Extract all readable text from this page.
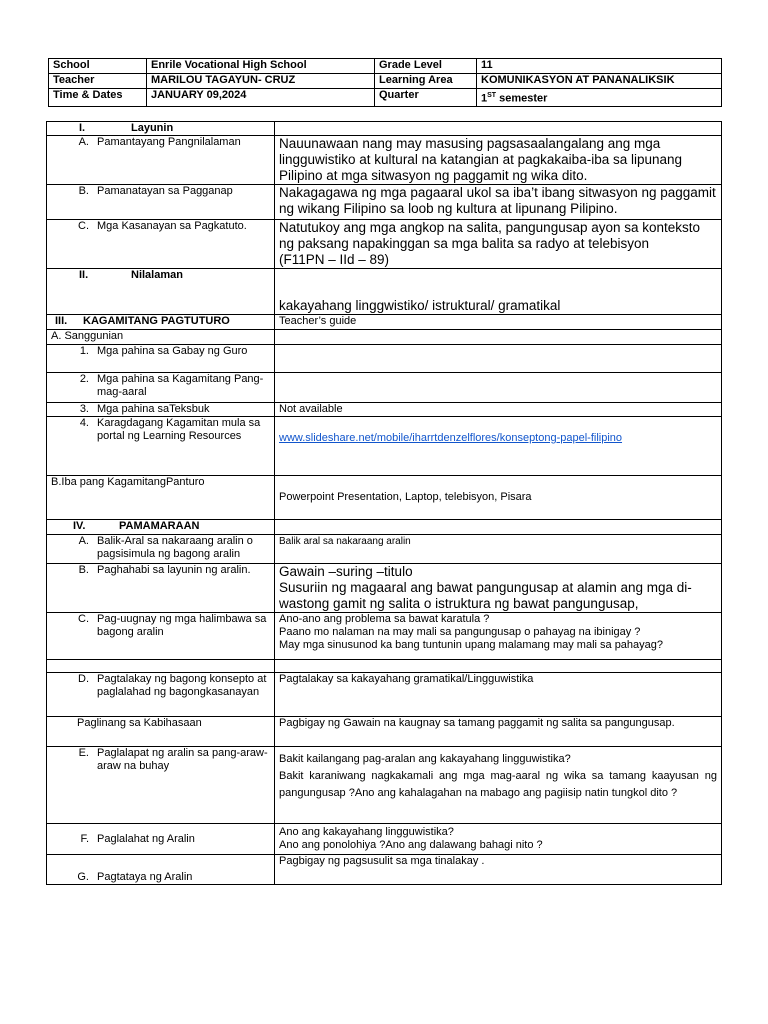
School	Enrile Vocational High School	Grade Level	11
Teacher	MARILOU TAGAYUN- CRUZ	Learning Area	KOMUNIKASYON AT PANANALIKSIK
Time & Dates	JANUARY 09,2024	Quarter	1ST semester
I. Layunin	

A. Pamantayang Pangnilalaman	Nauunawaan nang may masusing pagsasaalangalang ang mga lingguwistiko at kultural na katangian at pagkakaiba-iba sa lipunang Pilipino at mga sitwasyon ng paggamit ng wika dito.

B. Pamanatayan sa Pagganap	Nakagagawa ng mga pagaaral ukol sa iba’t ibang sitwasyon ng paggamit ng wikang Filipino sa loob ng kultura at lipunang Pilipino.

C. Mga Kasanayan sa Pagkatuto.	Natutukoy ang mga angkop na salita, pangungusap ayon sa konteksto ng paksang napakinggan sa mga balita sa radyo at telebisyon
(F11PN – IId – 89)

II. Nilalaman	kakayahang linggwistiko/ istruktural/ gramatikal
III. KAGAMITANG PAGTUTURO	Teacher’s guide
A. Sanggunian	

1. Mga pahina sa Gabay ng Guro	

2. Mga pahina sa Kagamitang Pang-mag-aaral	

3. Mga pahina saTeksbuk	Not available

4. Karagdagang Kagamitan mula sa portal ng Learning Resources	www.slideshare.net/mobile/iharrtdenzelflores/konseptong-papel-filipino
B.Iba pang KagamitangPanturo	Powerpoint Presentation, Laptop, telebisyon, Pisara
IV. PAMAMARAAN	

A. Balik-Aral sa nakaraang aralin o pagsisimula ng bagong aralin	Balik aral sa nakaraang aralin

B. Paghahabi sa layunin ng aralin.	Gawain –suring –titulo
Susuriin ng magaaral ang bawat pangungusap at alamin ang mga di-wastong gamit ng salita o istruktura ng bawat pangungusap,

C. Pag-uugnay ng mga halimbawa sa bagong aralin	Ano-ano ang problema sa bawat karatula ?
Paano mo nalaman na may mali sa pangungusap o pahayag na ibinigay ?
May mga sinusunod ka bang tuntunin upang malamang may mali sa pahayag?

D. Pagtalakay ng bagong konsepto at paglalahad ng bagongkasanayan	Pagtalakay sa kakayahang gramatikal/Lingguwistika
Paglinang sa Kabihasaan	Pagbigay ng Gawain na kaugnay sa tamang paggamit ng salita sa pangungusap.

E. Paglalapat ng aralin sa pang-araw-araw na buhay	Bakit kailangang pag-aralan ang kakayahang lingguwistika?
Bakit karaniwang nagkakamali ang mga mag-aaral ng wika sa tamang kaayusan ng pangungusap ?Ano ang kahalagahan na mabago ang pagiisip natin tungkol dito ?

F. Paglalahat ng Aralin	Ano ang kakayahang lingguwistika?
Ano ang ponolohiya ?Ano ang dalawang bahagi nito ?

G. Pagtataya ng Aralin	Pagbigay ng pagsusulit sa mga tinalakay .
